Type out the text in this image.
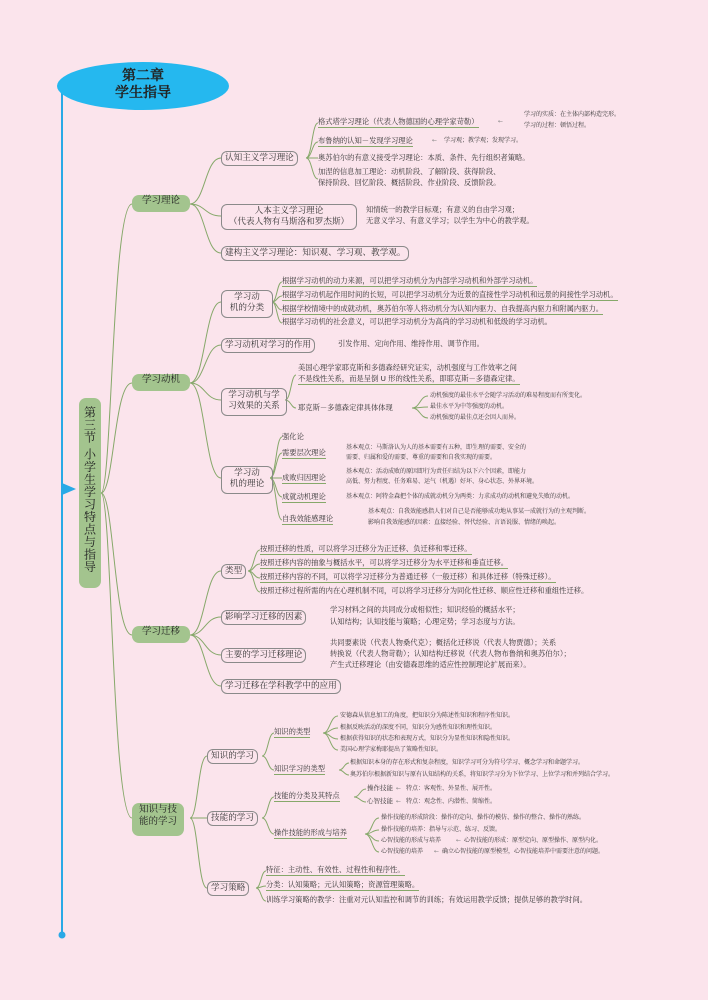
第二章
学生指导
第三节 小学生学习特点与指导
学习理论
学习动机
学习迁移
知识与技能的学习
认知主义学习理论
格式塔学习理论（代表人物德国的心理学家苛勒）	←
学习的实质：在主体内部构造完形。
学习的过程：顿悟过程。
布鲁纳的认知－发现学习理论	← 学习观；教学观；发现学习。
奥苏伯尔的有意义接受学习理论：本质、条件、先行组织者策略。
加涅的信息加工理论：动机阶段、了解阶段、获得阶段、
保持阶段、回忆阶段、概括阶段、作业阶段、反馈阶段。
人本主义学习理论
（代表人物有马斯洛和罗杰斯）
知情统一的教学目标观；有意义的自由学习观；
无意义学习、有意义学习；以学生为中心的教学观。
建构主义学习理论：知识观、学习观、教学观。
学习动
机的分类
根据学习动机的动力来源，可以把学习动机分为内部学习动机和外部学习动机。
根据学习动机起作用时间的长短，可以把学习动机分为近景的直接性学习动机和远景的间接性学习动机。
根据学校情境中的成就动机，奥苏伯尔等人将动机分为认知内驱力、自我提高内驱力和附属内驱力。
根据学习动机的社会意义，可以把学习动机分为高尚的学习动机和低级的学习动机。
学习动机对学习的作用	引发作用、定向作用、维持作用、调节作用。
学习动机与学
习效果的关系
美国心理学家耶克斯和多德森经研究证实，动机强度与工作效率之间
不是线性关系，而是呈倒 U 形的线性关系，即耶克斯－多德森定律。
耶克斯－多德森定律具体体现
动机强度的最佳水平会随学习活动的难易程度而有所变化。
最佳水平为中等强度的动机。
动机强度的最佳点还会因人而异。
学习动
机的理论
强化论
需要层次理论
基本观点：马斯洛认为人的基本需要有五种，即生理的需要、安全的
需要、归属和爱的需要、尊重的需要和自我实现的需要。
成败归因理论
基本观点：活动成败的原因即行为责任归结为以下六个因素，即能力
高低、努力程度、任务难易、运气（机遇）好坏、身心状态、外界环境。
成就动机理论	基本观点：阿特金森把个体的成就动机分为两类：力求成功的动机和避免失败的动机。
自我效能感理论
基本观点：自我效能感指人们对自己是否能够成功地从事某一成就行为的主观判断。
影响自我效能感的因素：直接经验、替代经验、言语说服、情绪的唤起。
类型
按照迁移的性质，可以将学习迁移分为正迁移、负迁移和零迁移。
按照迁移内容的抽象与概括水平，可以将学习迁移分为水平迁移和垂直迁移。
按照迁移内容的不同，可以将学习迁移分为普通迁移（一般迁移）和具体迁移（特殊迁移）。
按照迁移过程所需的内在心理机制不同，可以将学习迁移分为同化性迁移、顺应性迁移和重组性迁移。
影响学习迁移的因素
学习材料之间的共同成分或相似性；知识经验的概括水平；
认知结构；认知技能与策略；心理定势；学习态度与方法。
主要的学习迁移理论
共同要素说（代表人物桑代克）；概括化迁移说（代表人物贾德）；关系
转换说（代表人物苛勒）；认知结构迁移说（代表人物布鲁纳和奥苏伯尔）；
产生式迁移理论（由安德森思维的适应性控制理论扩展而来）。
学习迁移在学科教学中的应用
知识的学习
知识的类型
安德森从信息加工的角度，把知识分为陈述性知识和程序性知识。
根据反映活动的深度不同，知识分为感性知识和理性知识。
根据获得知识的状态和表现方式，知识分为显性知识和隐性知识。
美国心理学家梅耶提出了策略性知识。
知识学习的类型
根据知识本身的存在形式和复杂程度，知识学习可分为符号学习、概念学习和命题学习。
奥苏伯尔根据新知识与原有认知结构的关系，将知识学习分为下位学习、上位学习和并列结合学习。
技能的学习
技能的分类及其特点
操作技能 ← 特点：客观性、外显性、展开性。
心智技能 ← 特点：观念性、内潜性、简缩性。
操作技能的形成与培养
操作技能的形成阶段：操作的定向、操作的模仿、操作的整合、操作的熟练。
操作技能的培养：指导与示范、练习、反馈。
心智技能的形成与培养 ← 心智技能的形成：原型定向、原型操作、原型内化。
心智技能的培养 ← 确立心智技能的原型模型，心智技能培养中需要注意的问题。
学习策略
特征：主动性、有效性、过程性和程序性。
分类：认知策略；元认知策略；资源管理策略。
训练学习策略的教学：注重对元认知监控和调节的训练；有效运用教学反馈；提供足够的教学时间。
